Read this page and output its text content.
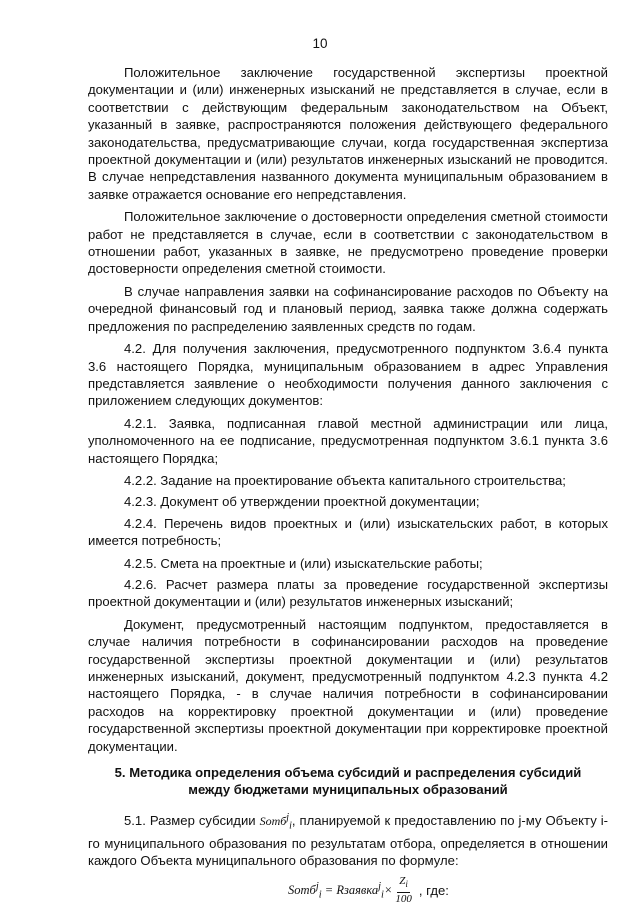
10

Положительное заключение государственной экспертизы проектной документации и (или) инженерных изысканий не представляется в случае, если в соответствии с действующим федеральным законодательством на Объект, указанный в заявке, распространяются положения действующего федерального законодательства, предусматривающие случаи, когда государственная экспертиза проектной документации и (или) результатов инженерных изысканий не проводится. В случае непредставления названного документа муниципальным образованием в заявке отражается основание его непредставления.

Положительное заключение о достоверности определения сметной стоимости работ не представляется в случае, если в соответствии с законодательством в отношении работ, указанных в заявке, не предусмотрено проведение проверки достоверности определения сметной стоимости.

В случае направления заявки на софинансирование расходов по Объекту на очередной финансовый год и плановый период, заявка также должна содержать предложения по распределению заявленных средств по годам.

4.2. Для получения заключения, предусмотренного подпунктом 3.6.4 пункта 3.6 настоящего Порядка, муниципальным образованием в адрес Управления представляется заявление о необходимости получения данного заключения с приложением следующих документов:

4.2.1. Заявка, подписанная главой местной администрации или лица, уполномоченного на ее подписание, предусмотренная подпунктом 3.6.1 пункта 3.6 настоящего Порядка;

4.2.2. Задание на проектирование объекта капитального строительства;

4.2.3. Документ об утверждении проектной документации;

4.2.4. Перечень видов проектных и (или) изыскательских работ, в которых имеется потребность;

4.2.5. Смета на проектные и (или) изыскательские работы;

4.2.6. Расчет размера платы за проведение государственной экспертизы проектной документации и (или) результатов инженерных изысканий;

Документ, предусмотренный настоящим подпунктом, предоставляется в случае наличия потребности в софинансировании расходов на проведение государственной экспертизы проектной документации и (или) результатов инженерных изысканий, документ, предусмотренный подпунктом 4.2.3 пункта 4.2 настоящего Порядка, - в случае наличия потребности в софинансировании расходов на корректировку проектной документации и (или) проведение государственной экспертизы проектной документации при корректировке проектной документации.

5. Методика определения объема субсидий и распределения субсидий
между бюджетами муниципальных образований

5.1. Размер субсидии Sоmб$^j_i$, планируемой к предоставлению по j-му Объекту i-го муниципального образования по результатам отбора, определяется в отношении каждого Объекта муниципального образования по формуле:

Sоmб$^j_i$ = Rзаявка$^j_i$ × $\frac{Z_i}{100}$ , где:
